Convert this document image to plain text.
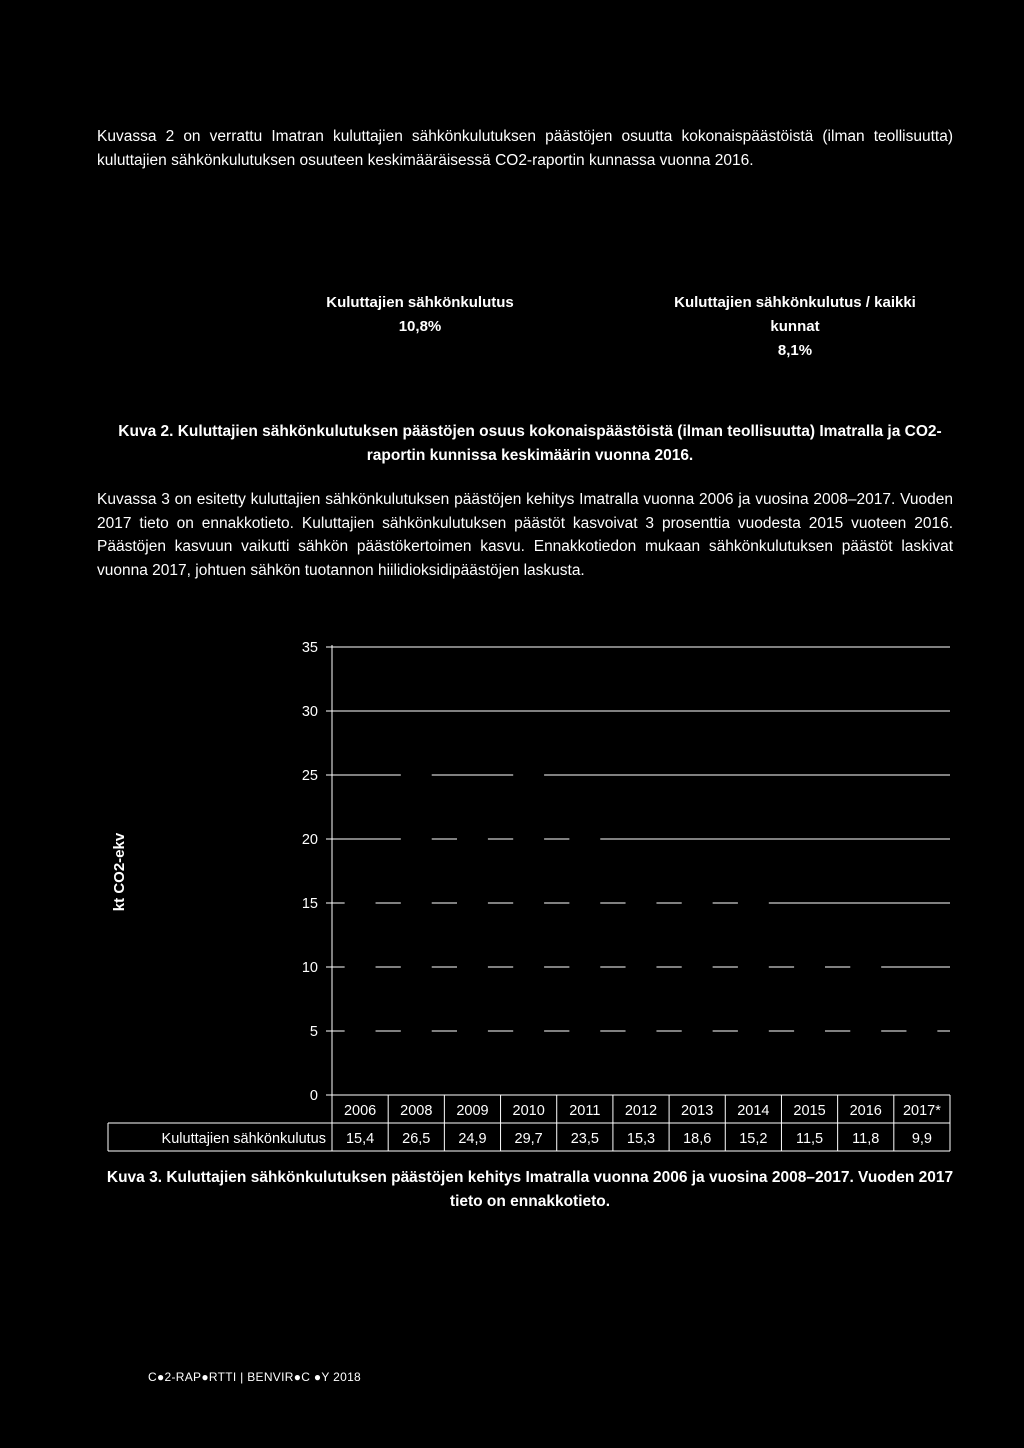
Kuvassa 2 on verrattu Imatran kuluttajien sähkönkulutuksen päästöjen osuutta kokonaispäästöistä (ilman teollisuutta) kuluttajien sähkönkulutuksen osuuteen keskimääräisessä CO2-raportin kunnassa vuonna 2016.

Kuluttajien sähkönkulutus
10,8%
Kuluttajien sähkönkulutus / kaikki kunnat
8,1%

Kuva 2. Kuluttajien sähkönkulutuksen päästöjen osuus kokonaispäästöistä (ilman teollisuutta) Imatralla ja CO2-raportin kunnissa keskimäärin vuonna 2016.

Kuvassa 3 on esitetty kuluttajien sähkönkulutuksen päästöjen kehitys Imatralla vuonna 2006 ja vuosina 2008–2017. Vuoden 2017 tieto on ennakkotieto. Kuluttajien sähkönkulutuksen päästöt kasvoivat 3 prosenttia vuodesta 2015 vuoteen 2016. Päästöjen kasvuun vaikutti sähkön päästökertoimen kasvu. Ennakkotiedon mukaan sähkönkulutuksen päästöt laskivat vuonna 2017, johtuen sähkön tuotannon hiilidioksidipäästöjen laskusta.

kt CO2-ekv
35
30
25
20
15
10
5
0
2006
15,4
2008
26,5
2009
24,9
2010
29,7
2011
23,5
2012
15,3
2013
18,6
2014
15,2
2015
11,5
2016
11,8
2017*
9,9
Kuluttajien sähkönkulutus

Kuva 3. Kuluttajien sähkönkulutuksen päästöjen kehitys Imatralla vuonna 2006 ja vuosina 2008–2017. Vuoden 2017 tieto on ennakkotieto.

C●2-RAP●RTTI | BENVIR●C ●Y 2018
